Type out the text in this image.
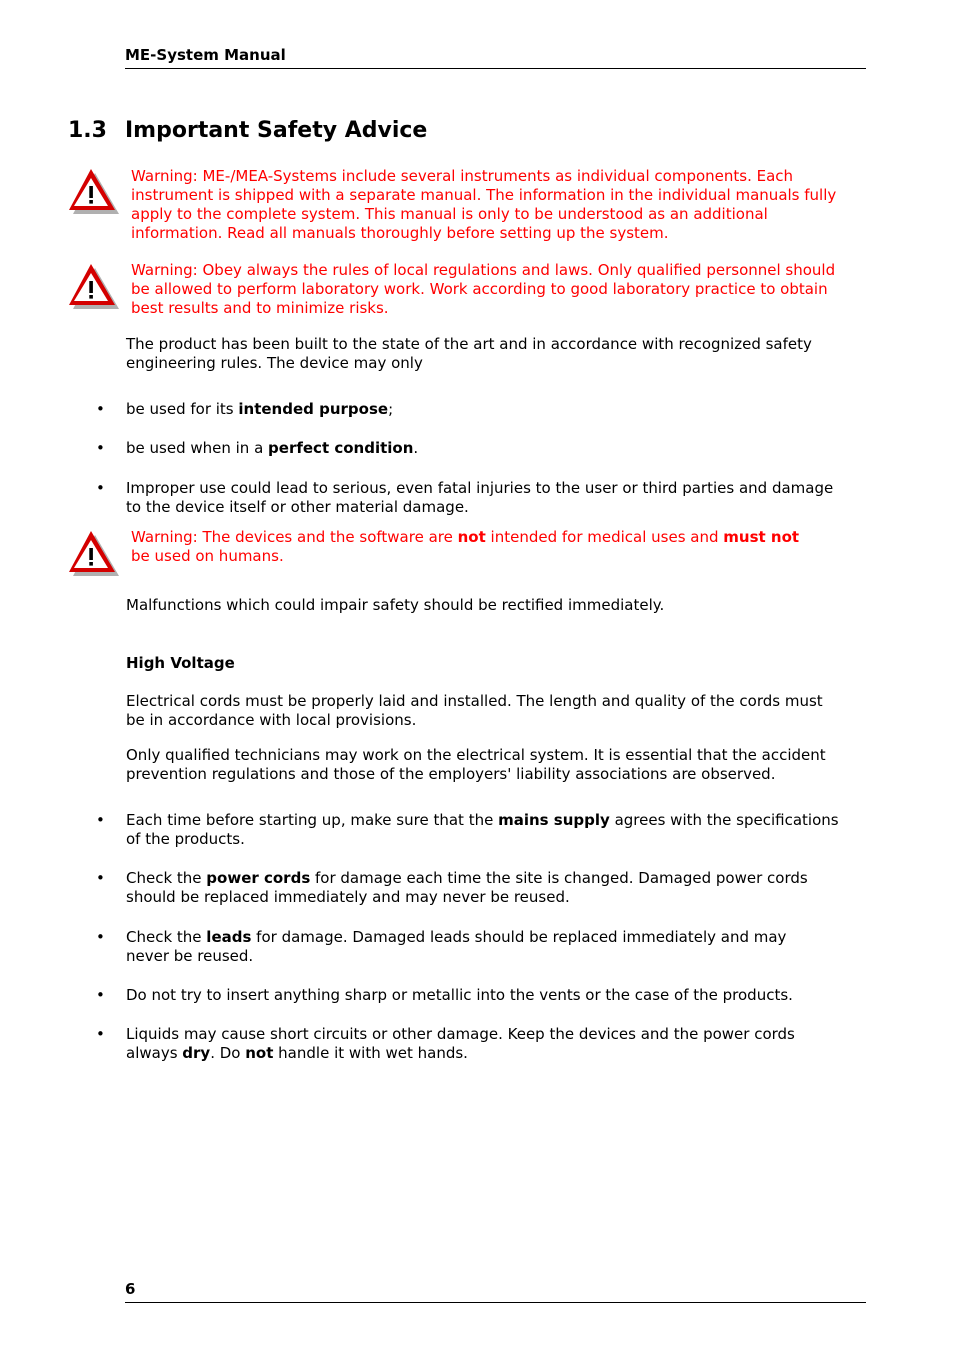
ME-System Manual
1.3 Important Safety Advice
Warning: ME-/MEA-Systems include several instruments as individual components. Each instrument is shipped with a separate manual. The information in the individual manuals fully apply to the complete system. This manual is only to be understood as an additional information. Read all manuals thoroughly before setting up the system.
Warning: Obey always the rules of local regulations and laws. Only qualified personnel should be allowed to perform laboratory work. Work according to good laboratory practice to obtain best results and to minimize risks.
The product has been built to the state of the art and in accordance with recognized safety engineering rules. The device may only
• be used for its intended purpose;
• be used when in a perfect condition.
• Improper use could lead to serious, even fatal injuries to the user or third parties and damage to the device itself or other material damage.
Warning: The devices and the software are not intended for medical uses and must not
be used on humans.
Malfunctions which could impair safety should be rectified immediately.
High Voltage
Electrical cords must be properly laid and installed. The length and quality of the cords must be in accordance with local provisions.
Only qualified technicians may work on the electrical system. It is essential that the accident prevention regulations and those of the employers' liability associations are observed.
• Each time before starting up, make sure that the mains supply agrees with the specifications of the products.
• Check the power cords for damage each time the site is changed. Damaged power cords should be replaced immediately and may never be reused.
• Check the leads for damage. Damaged leads should be replaced immediately and may never be reused.
• Do not try to insert anything sharp or metallic into the vents or the case of the products.
• Liquids may cause short circuits or other damage. Keep the devices and the power cords always dry. Do not handle it with wet hands.
6
